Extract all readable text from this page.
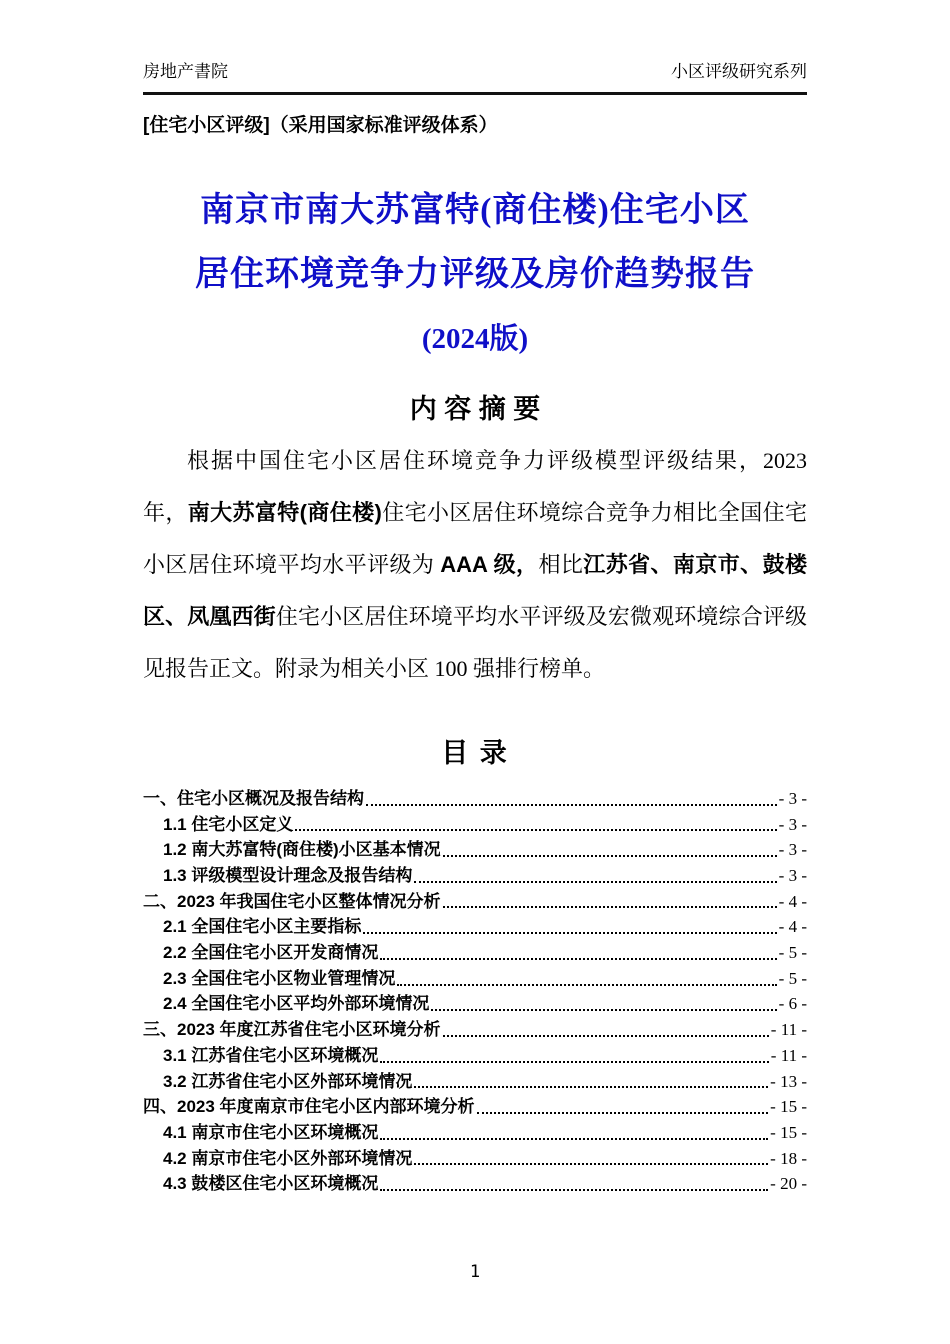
房地产書院	小区评级研究系列
[住宅小区评级]（采用国家标准评级体系）
南京市南大苏富特(商住楼)住宅小区
居住环境竞争力评级及房价趋势报告
(2024版)
内 容 摘 要

根据中国住宅小区居住环境竞争力评级模型评级结果，2023 年，南大苏富特(商住楼)住宅小区居住环境综合竞争力相比全国住宅小区居住环境平均水平评级为 AAA 级，相比江苏省、南京市、鼓楼区、凤凰西街住宅小区居住环境平均水平评级及宏微观环境综合评级见报告正文。附录为相关小区 100 强排行榜单。

目 录
一、住宅小区概况及报告结构	- 3 -
1.1 住宅小区定义	- 3 -
1.2 南大苏富特(商住楼)小区基本情况	- 3 -
1.3 评级模型设计理念及报告结构	- 3 -
二、2023 年我国住宅小区整体情况分析	- 4 -
2.1 全国住宅小区主要指标	- 4 -
2.2 全国住宅小区开发商情况	- 5 -
2.3 全国住宅小区物业管理情况	- 5 -
2.4 全国住宅小区平均外部环境情况	- 6 -
三、2023 年度江苏省住宅小区环境分析	- 11 -
3.1 江苏省住宅小区环境概况	- 11 -
3.2 江苏省住宅小区外部环境情况	- 13 -
四、2023 年度南京市住宅小区内部环境分析	- 15 -
4.1 南京市住宅小区环境概况	- 15 -
4.2 南京市住宅小区外部环境情况	- 18 -
4.3 鼓楼区住宅小区环境概况	- 20 -
1
